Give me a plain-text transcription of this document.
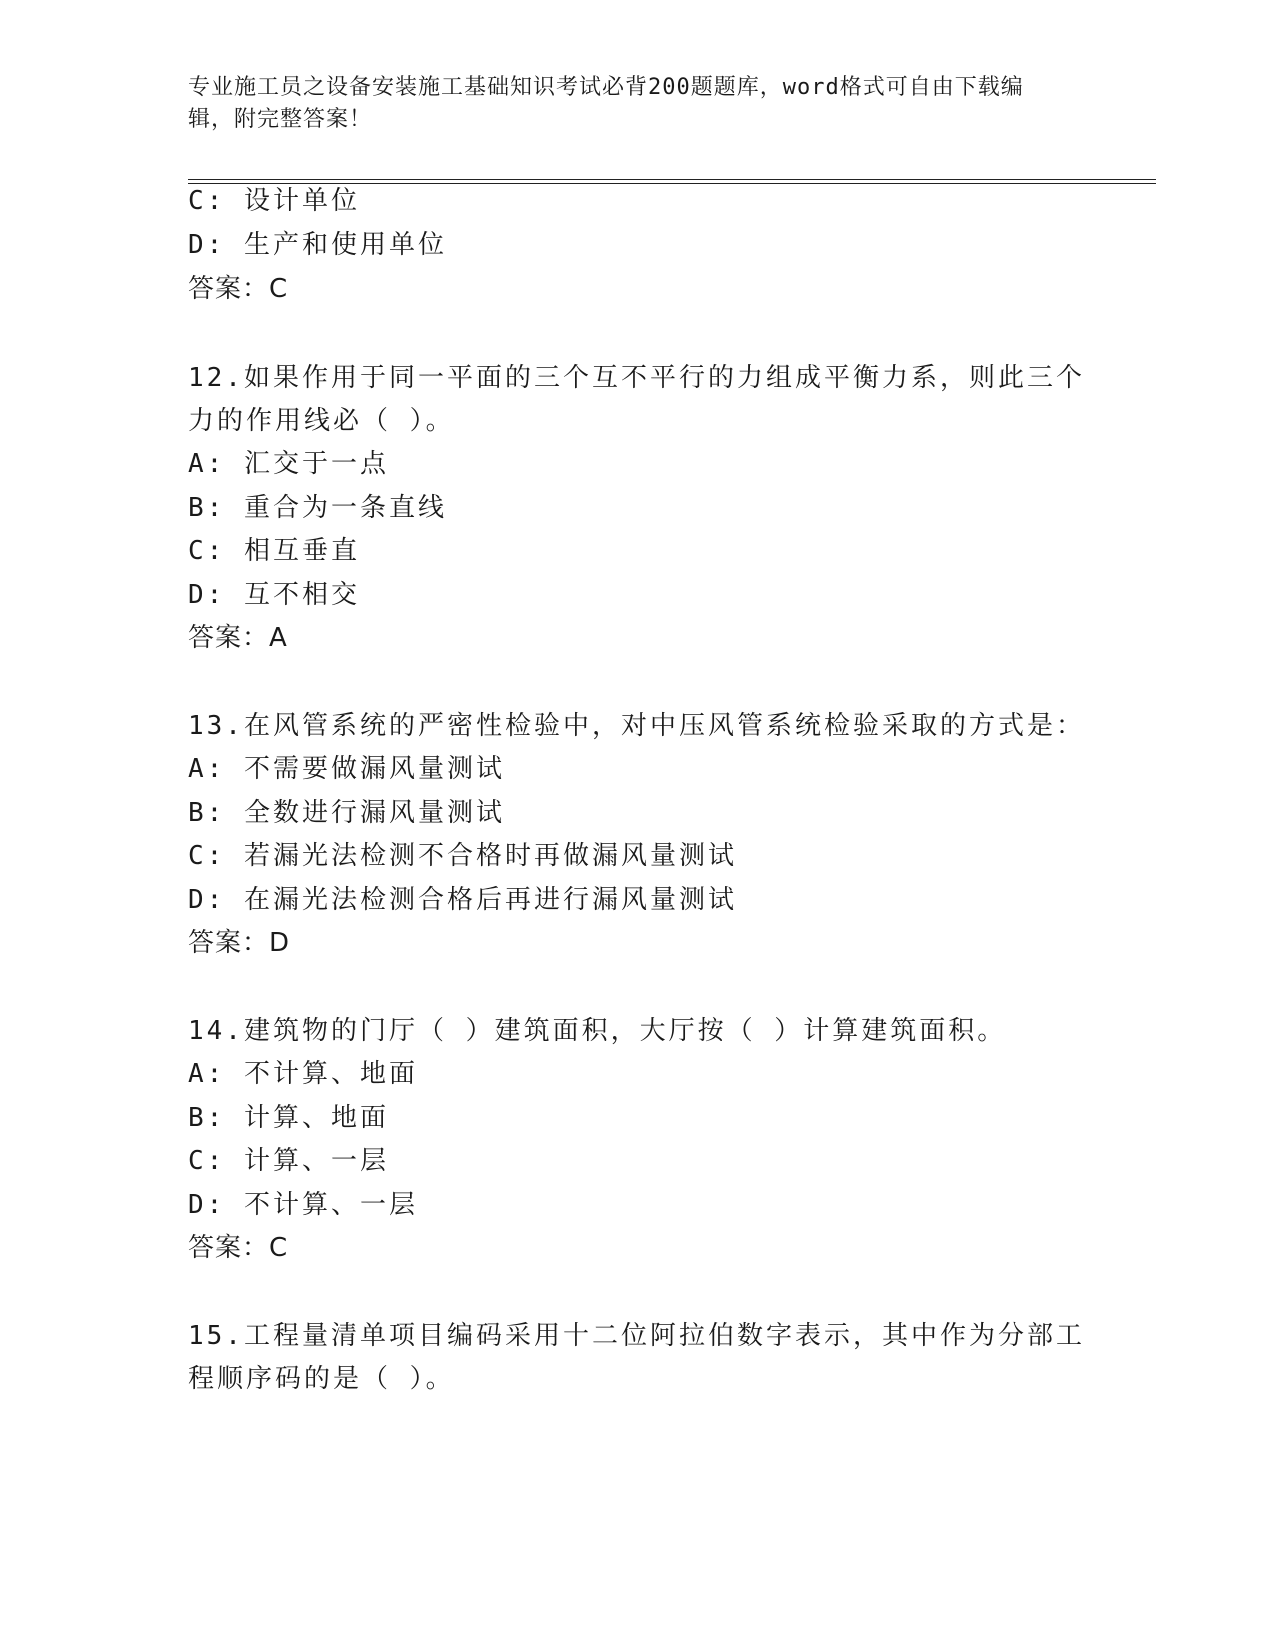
专业施工员之设备安装施工基础知识考试必背200题题库，word格式可自由下载编辑，附完整答案！
C: 设计单位
D: 生产和使用单位
答案：C
12.如果作用于同一平面的三个互不平行的力组成平衡力系，则此三个
力的作用线必（ ）。
A: 汇交于一点
B: 重合为一条直线
C: 相互垂直
D: 互不相交
答案：A
13.在风管系统的严密性检验中，对中压风管系统检验采取的方式是：
A: 不需要做漏风量测试
B: 全数进行漏风量测试
C: 若漏光法检测不合格时再做漏风量测试
D: 在漏光法检测合格后再进行漏风量测试
答案：D
14.建筑物的门厅（ ）建筑面积，大厅按（ ）计算建筑面积。
A: 不计算、地面
B: 计算、地面
C: 计算、一层
D: 不计算、一层
答案：C
15.工程量清单项目编码采用十二位阿拉伯数字表示，其中作为分部工
程顺序码的是（ ）。
